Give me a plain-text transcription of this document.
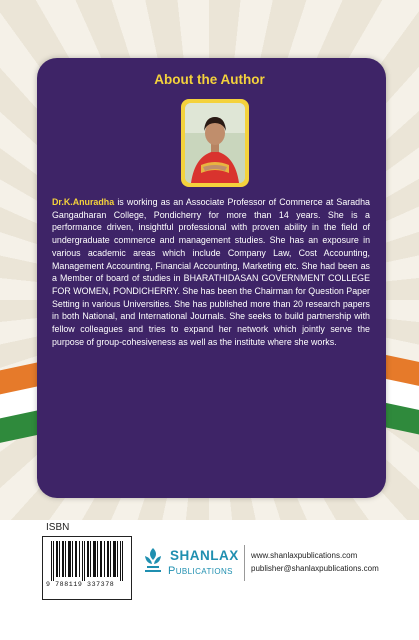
About the Author
Dr.K.Anuradha is working as an Associate Professor of Commerce at Saradha Gangadharan College, Pondicherry for more than 14 years. She is a performance driven, insightful professional with proven ability in the field of undergraduate commerce and management studies. She has an exposure in various academic areas which include Company Law, Cost Accounting, Management Accounting, Financial Accounting, Marketing etc. She had been as a Member of board of studies in BHARATHIDASAN GOVERNMENT COLLEGE FOR WOMEN, PONDICHERRY. She has been the Chairman for Question Paper Setting in various Universities. She has published more than 20 research papers in both National, and International Journals. She seeks to build partnership with fellow colleagues and tries to expand her network which jointly serve the purpose of group-cohesiveness as well as the institute where she works.
ISBN
9 788119 337378
SHANLAX
Publications
www.shanlaxpublications.com
publisher@shanlaxpublications.com
